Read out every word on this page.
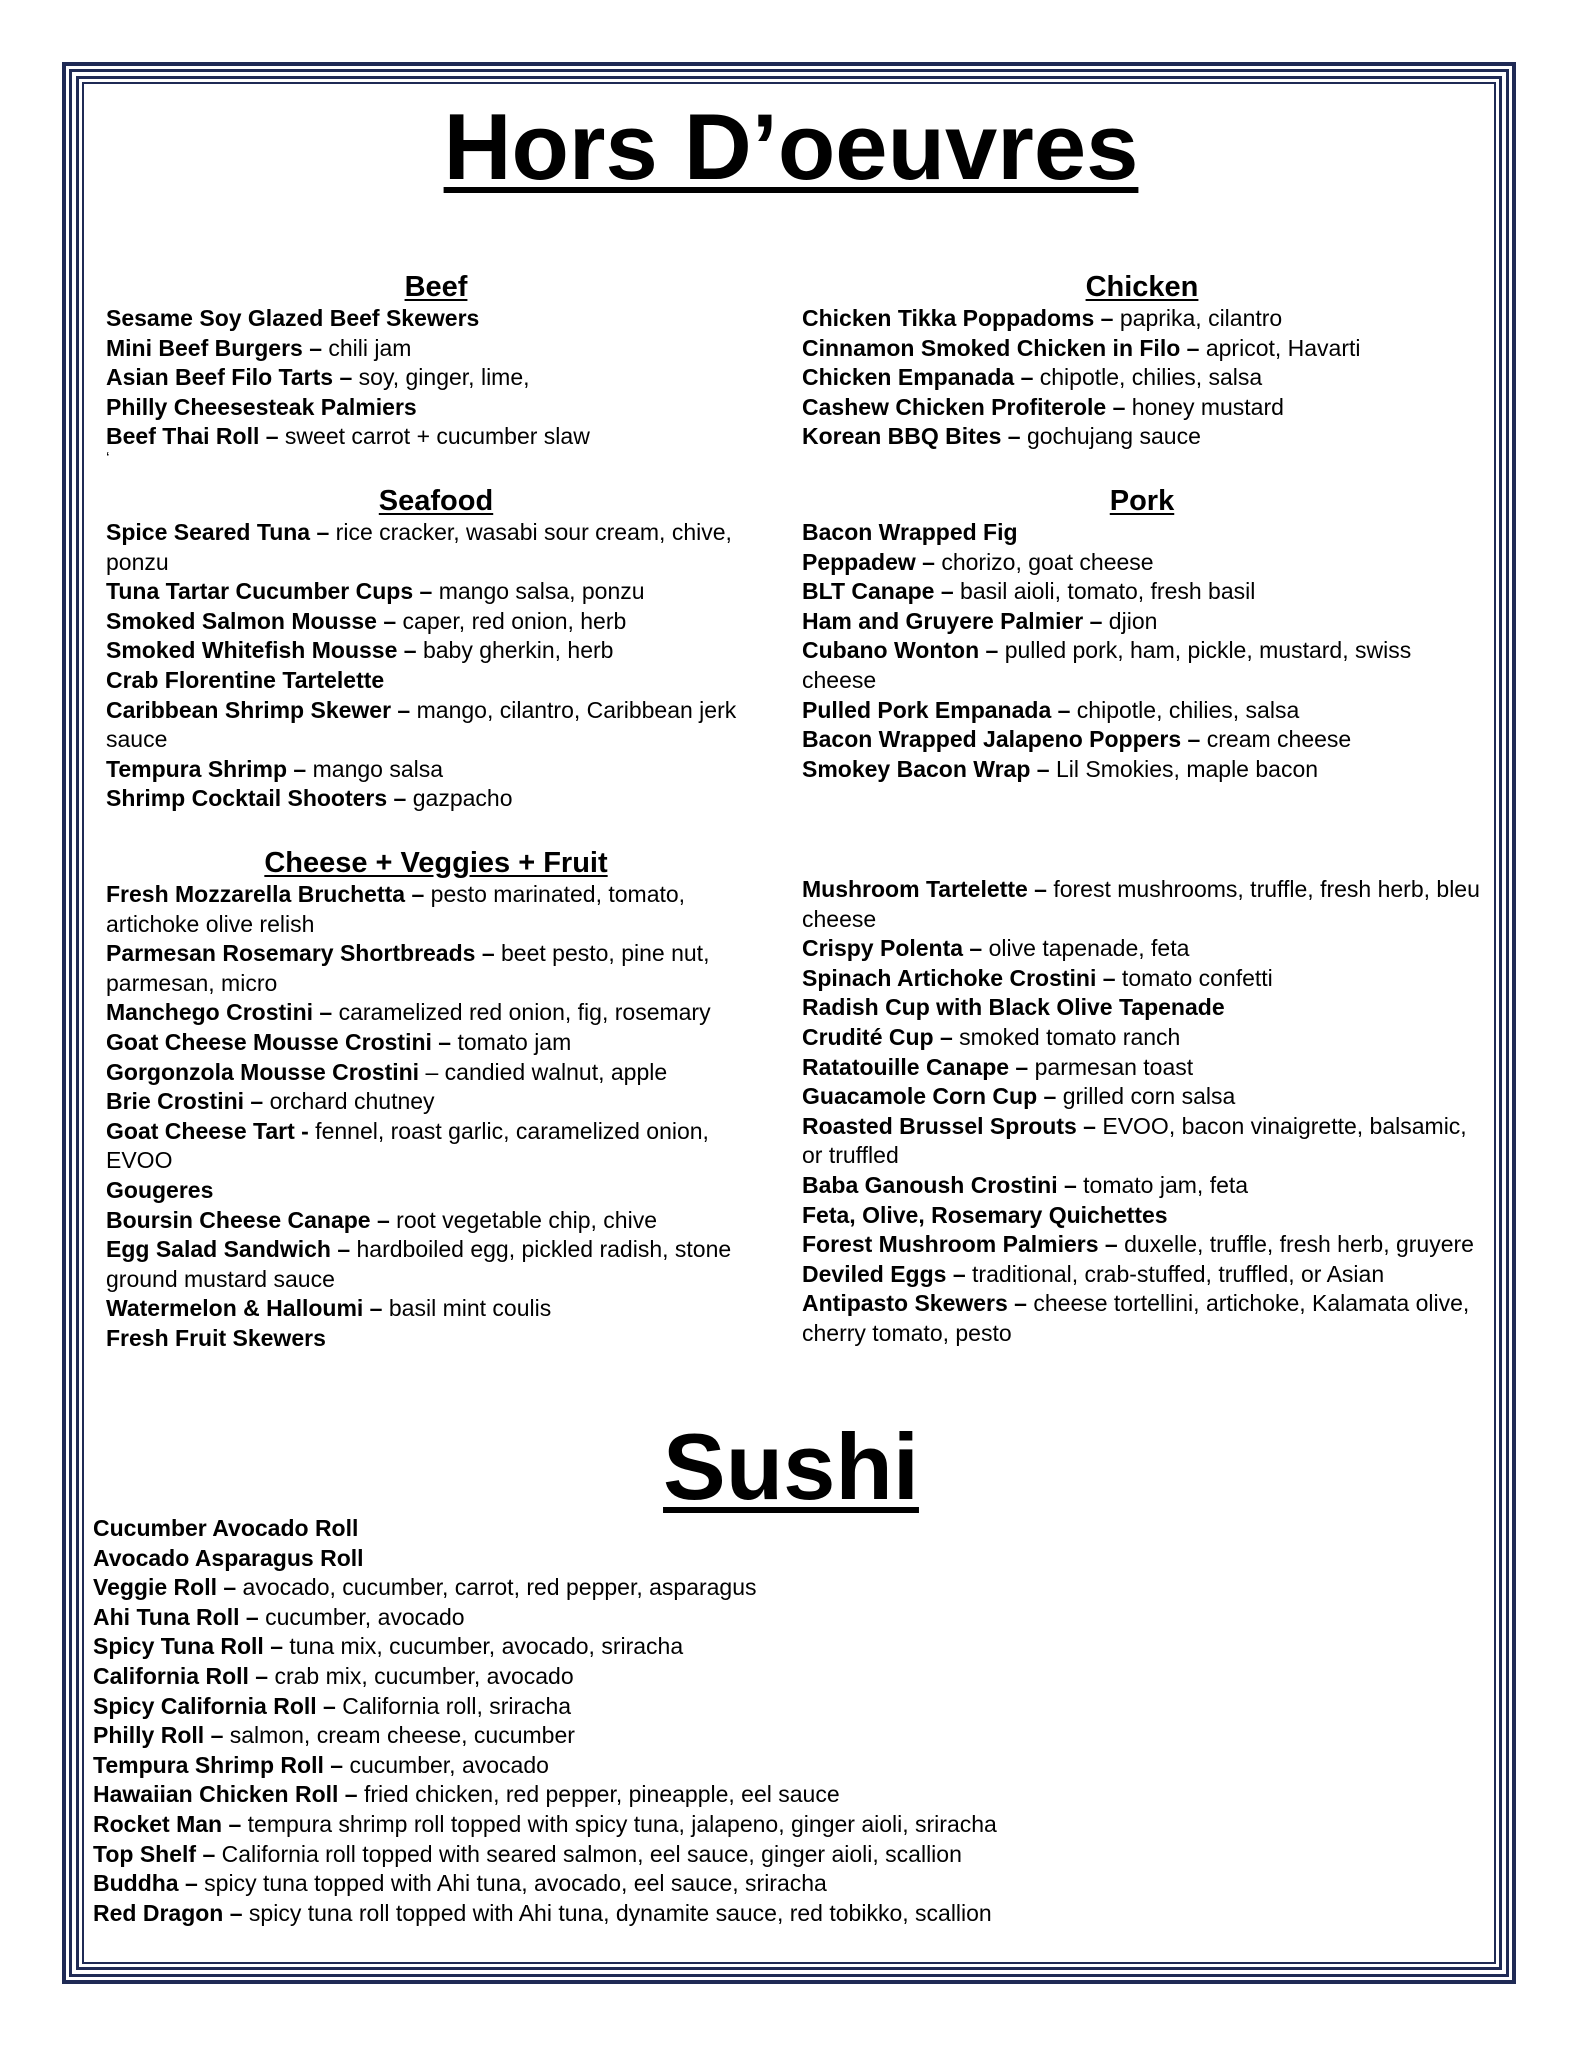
Hors D’oeuvres
Beef

Sesame Soy Glazed Beef Skewers

Mini Beef Burgers – chili jam

Asian Beef Filo Tarts – soy, ginger, lime,

Philly Cheesesteak Palmiers

Beef Thai Roll – sweet carrot + cucumber slaw

‘
Chicken

Chicken Tikka Poppadoms – paprika, cilantro

Cinnamon Smoked Chicken in Filo – apricot, Havarti

Chicken Empanada – chipotle, chilies, salsa

Cashew Chicken Profiterole – honey mustard

Korean BBQ Bites – gochujang sauce

Seafood

Spice Seared Tuna – rice cracker, wasabi sour cream, chive, ponzu

Tuna Tartar Cucumber Cups – mango salsa, ponzu

Smoked Salmon Mousse – caper, red onion, herb

Smoked Whitefish Mousse – baby gherkin, herb

Crab Florentine Tartelette

Caribbean Shrimp Skewer – mango, cilantro, Caribbean jerk sauce

Tempura Shrimp – mango salsa

Shrimp Cocktail Shooters – gazpacho

Pork

Bacon Wrapped Fig

Peppadew – chorizo, goat cheese

BLT Canape – basil aioli, tomato, fresh basil

Ham and Gruyere Palmier – djion

Cubano Wonton – pulled pork, ham, pickle, mustard, swiss cheese

Pulled Pork Empanada – chipotle, chilies, salsa

Bacon Wrapped Jalapeno Poppers – cream cheese

Smokey Bacon Wrap – Lil Smokies, maple bacon

Cheese + Veggies + Fruit

Fresh Mozzarella Bruchetta – pesto marinated, tomato, artichoke olive relish

Parmesan Rosemary Shortbreads – beet pesto, pine nut, parmesan, micro

Manchego Crostini – caramelized red onion, fig, rosemary

Goat Cheese Mousse Crostini – tomato jam

Gorgonzola Mousse Crostini – candied walnut, apple

Brie Crostini – orchard chutney

Goat Cheese Tart - fennel, roast garlic, caramelized onion, EVOO

Gougeres

Boursin Cheese Canape – root vegetable chip, chive

Egg Salad Sandwich – hardboiled egg, pickled radish, stone ground mustard sauce

Watermelon & Halloumi – basil mint coulis

Fresh Fruit Skewers

Mushroom Tartelette – forest mushrooms, truffle, fresh herb, bleu cheese

Crispy Polenta – olive tapenade, feta

Spinach Artichoke Crostini – tomato confetti

Radish Cup with Black Olive Tapenade

Crudité Cup – smoked tomato ranch

Ratatouille Canape – parmesan toast

Guacamole Corn Cup – grilled corn salsa

Roasted Brussel Sprouts – EVOO, bacon vinaigrette, balsamic, or truffled

Baba Ganoush Crostini – tomato jam, feta

Feta, Olive, Rosemary Quichettes

Forest Mushroom Palmiers – duxelle, truffle, fresh herb, gruyere

Deviled Eggs – traditional, crab-stuffed, truffled, or Asian

Antipasto Skewers – cheese tortellini, artichoke, Kalamata olive, cherry tomato, pesto

Sushi

Cucumber Avocado Roll

Avocado Asparagus Roll

Veggie Roll – avocado, cucumber, carrot, red pepper, asparagus

Ahi Tuna Roll – cucumber, avocado

Spicy Tuna Roll – tuna mix, cucumber, avocado, sriracha

California Roll – crab mix, cucumber, avocado

Spicy California Roll – California roll, sriracha

Philly Roll – salmon, cream cheese, cucumber

Tempura Shrimp Roll – cucumber, avocado

Hawaiian Chicken Roll – fried chicken, red pepper, pineapple, eel sauce

Rocket Man – tempura shrimp roll topped with spicy tuna, jalapeno, ginger aioli, sriracha

Top Shelf – California roll topped with seared salmon, eel sauce, ginger aioli, scallion

Buddha – spicy tuna topped with Ahi tuna, avocado, eel sauce, sriracha

Red Dragon – spicy tuna roll topped with Ahi tuna, dynamite sauce, red tobikko, scallion
